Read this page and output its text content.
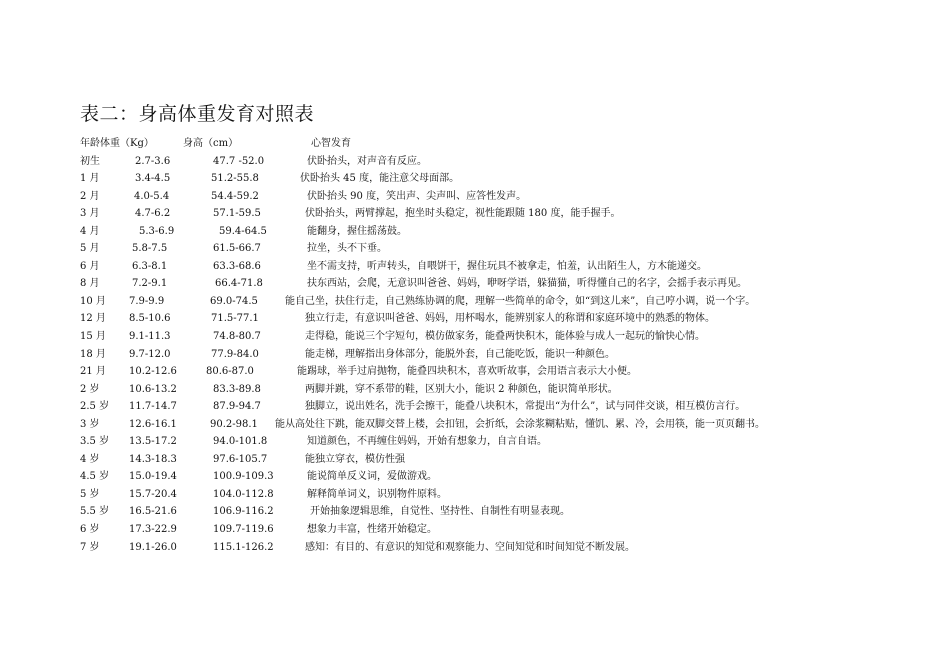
表二：身高体重发育对照表
年龄 体重（Kg）	身高（cm）	心智发育
初生	2.7-3.6	47.7 -52.0	伏卧抬头，对声音有反应。
1 月	3.4-4.5	51.2-55.8	伏卧抬头 45 度，能注意父母面部。
2 月	4.0-5.4	54.4-59.2	伏卧抬头 90 度，笑出声、尖声叫、应答性发声。
3 月	4.7-6.2	57.1-59.5	伏卧抬头，两臂撑起，抱坐时头稳定，视性能跟随 180 度，能手握手。
4 月	5.3-6.9	59.4-64.5	能翻身，握住摇荡鼓。
5 月	5.8-7.5	61.5-66.7	拉坐，头不下垂。
6 月	6.3-8.1	63.3-68.6	坐不需支持，听声转头，自喂饼干，握住玩具不被拿走，怕羞，认出陌生人，方木能递交。
8 月	7.2-9.1	66.4-71.8	扶东西站，会爬，无意识叫爸爸、妈妈，咿呀学语，躲猫猫，听得懂自己的名字，会摇手表示再见。
10 月 7.9-9.9	69.0-74.5	能自己坐，扶住行走，自己熟练协调的爬，理解一些简单的命令，如“到这儿来”，自己哼小调，说一个字。
12 月 8.5-10.6	71.5-77.1	独立行走，有意识叫爸爸、妈妈，用杯喝水，能辨别家人的称谓和家庭环境中的熟悉的物体。
15 月 9.1-11.3	74.8-80.7	走得稳，能说三个字短句，模仿做家务，能叠两快积木，能体验与成人一起玩的愉快心情。
18 月 9.7-12.0	77.9-84.0	能走梯，理解指出身体部分，能脱外套，自己能吃饭，能识一种颜色。
21 月 10.2-12.6	80.6-87.0	能踢球，举手过肩抛物，能叠四块积木，喜欢听故事，会用语言表示大小便。
2 岁	10.6-13.2	83.3-89.8	两脚并跳，穿不系带的鞋，区别大小，能识 2 种颜色，能识简单形状。
2.5 岁 11.7-14.7	87.9-94.7	独脚立，说出姓名，洗手会擦干，能叠八块积木，常提出“为什么”，试与同伴交谈，相互模仿言行。
3 岁	12.6-16.1	90.2-98.1 能从高处往下跳，能双脚交替上楼，会扣钮，会折纸，会涂浆糊粘贴，懂饥、累、冷，会用筷，能一页页翻书。
3.5 岁 13.5-17.2	94.0-101.8	知道颜色，不再缠住妈妈，开始有想象力，自言自语。
4 岁	14.3-18.3	97.6-105.7	能独立穿衣，模仿性强
4.5 岁 15.0-19.4	100.9-109.3	能说简单反义词，爱做游戏。
5 岁	15.7-20.4	104.0-112.8	解释简单词义，识别物件原料。
5.5 岁 16.5-21.6	106.9-116.2	开始抽象逻辑思维，自觉性、坚持性、自制性有明显表现。
6 岁	17.3-22.9	109.7-119.6	想象力丰富，性绪开始稳定。
7 岁	19.1-26.0	115.1-126.2	感知：有目的、有意识的知觉和观察能力、空间知觉和时间知觉不断发展。
